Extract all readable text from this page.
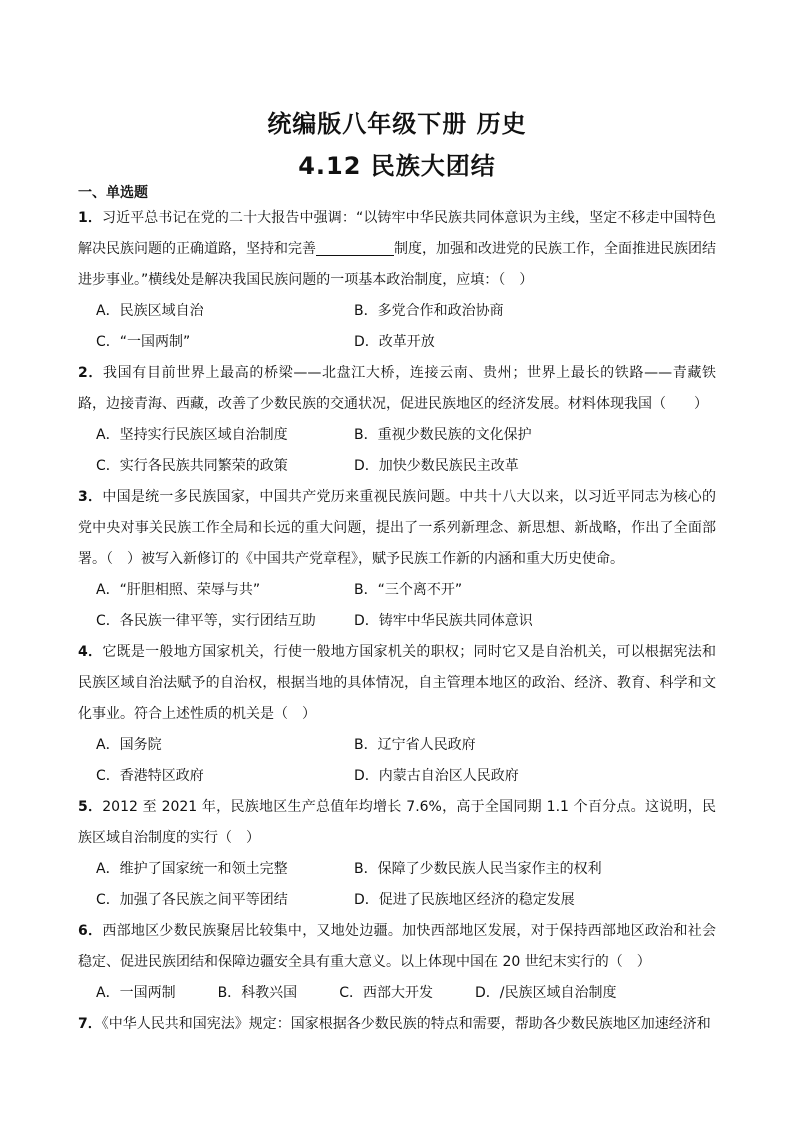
统编版八年级下册 历史
4.12 民族大团结
一、单选题
1．习近平总书记在党的二十大报告中强调：“以铸牢中华民族共同体意识为主线，坚定不移走中国特色解决民族问题的正确道路，坚持和完善	制度，加强和改进党的民族工作，全面推进民族团结进步事业。”横线处是解决我国民族问题的一项基本政治制度，应填：（　）
A．民族区域自治	B．多党合作和政治协商
C．“一国两制”	D．改革开放
2．我国有目前世界上最高的桥梁——北盘江大桥，连接云南、贵州；世界上最长的铁路——青藏铁路，边接青海、西藏，改善了少数民族的交通状况，促进民族地区的经济发展。材料体现我国（　　）
A．坚持实行民族区域自治制度	B．重视少数民族的文化保护
C．实行各民族共同繁荣的政策	D．加快少数民族民主改革
3．中国是统一多民族国家，中国共产党历来重视民族问题。中共十八大以来，以习近平同志为核心的党中央对事关民族工作全局和长远的重大问题，提出了一系列新理念、新思想、新战略，作出了全面部署。（　）被写入新修订的《中国共产党章程》，赋予民族工作新的内涵和重大历史使命。
A．“肝胆相照、荣辱与共”	B．“三个离不开”
C．各民族一律平等，实行团结互助	D．铸牢中华民族共同体意识
4．它既是一般地方国家机关，行使一般地方国家机关的职权；同时它又是自治机关，可以根据宪法和民族区域自治法赋予的自治权，根据当地的具体情况，自主管理本地区的政治、经济、教育、科学和文化事业。符合上述性质的机关是（　）
A．国务院	B．辽宁省人民政府
C．香港特区政府	D．内蒙古自治区人民政府
5．2012 至 2021 年，民族地区生产总值年均增长 7.6%，高于全国同期 1.1 个百分点。这说明，民族区域自治制度的实行（　）
A．维护了国家统一和领土完整	B．保障了少数民族人民当家作主的权利
C．加强了各民族之间平等团结	D．促进了民族地区经济的稳定发展
6．西部地区少数民族聚居比较集中，又地处边疆。加快西部地区发展，对于保持西部地区政治和社会稳定、促进民族团结和保障边疆安全具有重大意义。以上体现中国在 20 世纪末实行的（　）
A．一国两制	B．科教兴国	C．西部大开发	D．/民族区域自治制度
7．《中华人民共和国宪法》规定：国家根据各少数民族的特点和需要，帮助各少数民族地区加速经济和
